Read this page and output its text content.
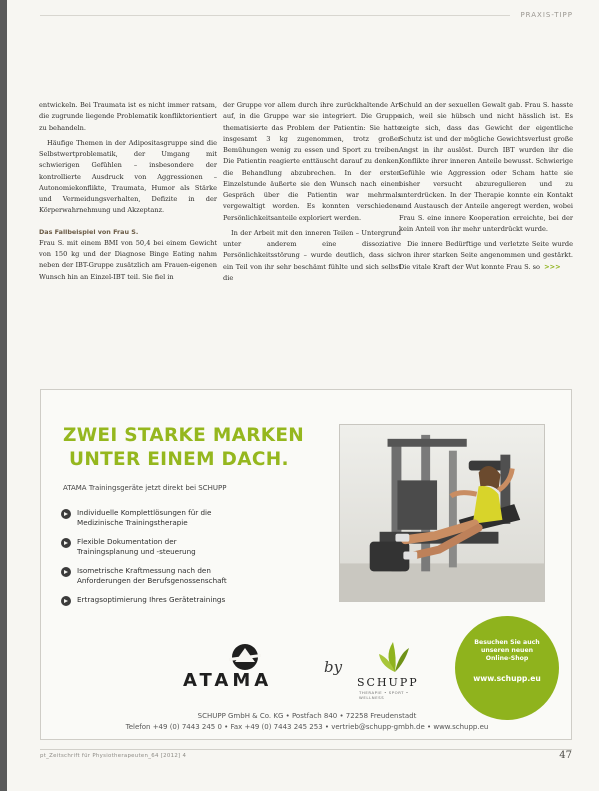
PRAXIS-TIPP

entwickeln. Bei Traumata ist es nicht immer ratsam, die zugrunde liegende Problematik konfliktorientiert zu behandeln.

Häufige Themen in der Adipositasgruppe sind die Selbstwertproblematik, der Umgang mit schwierigen Gefühlen – insbesondere der kontrollierte Ausdruck von Aggressionen – Autonomiekonflikte, Traumata, Humor als Stärke und Vermeidungsverhalten, Defizite in der Körperwahrnehmung und Akzeptanz.

Das Fallbeispiel von Frau S.

Frau S. mit einem BMI von 50,4 bei einem Gewicht von 150 kg und der Diagnose Binge Eating nahm neben der IBT-Gruppe zusätzlich am Frauen-eigenen Wunsch hin an Einzel-IBT teil. Sie fiel in

der Gruppe vor allem durch ihre zurückhaltende Art auf, in die Gruppe war sie integriert. Die Gruppe thematisierte das Problem der Patientin: Sie hatte insgesamt 3 kg zugenommen, trotz großer Bemühungen wenig zu essen und Sport zu treiben. Die Patientin reagierte enttäuscht darauf zu denken, die Behandlung abzubrechen. In der ersten Einzelstunde äußerte sie den Wunsch nach einem Gespräch über die Patientin war mehrmals vergewaltigt worden. Es konnten verschiedene Persönlichkeitsanteile exploriert werden.

In der Arbeit mit den inneren Teilen – Untergrund unter anderem eine dissoziative Persönlichkeitsstörung – wurde deutlich, dass sich ein Teil von ihr sehr beschämt fühlte und sich selbst die

Schuld an der sexuellen Gewalt gab. Frau S. hasste sich, weil sie hübsch und nicht hässlich ist. Es zeigte sich, dass das Gewicht der eigentliche Schutz ist und der mögliche Gewichtsverlust große Angst in ihr auslöst. Durch IBT wurden ihr die Konflikte ihrer inneren Anteile bewusst. Schwierige Gefühle wie Aggression oder Scham hatte sie bisher versucht abzuregulieren und zu unterdrücken. In der Therapie konnte ein Kontakt und Austausch der Anteile angeregt werden, wobei Frau S. eine innere Kooperation erreichte, bei der kein Anteil von ihr mehr unterdrückt wurde.

Die innere Bedürftige und verletzte Seite wurde von ihrer starken Seite angenommen und gestärkt. Die vitale Kraft der Wut konnte Frau S. so >>>

ZWEI STARKE MARKEN
UNTER EINEM DACH.
ATAMA Trainingsgeräte jetzt direkt bei SCHUPP
Individuelle Komplettlösungen für die
Medizinische Trainingstherapie
Flexible Dokumentation der
Trainingsplanung und -steuerung
Isometrische Kraftmessung nach den
Anforderungen der Berufsgenossenschaft
Ertragsoptimierung Ihres Gerätetrainings
Besuchen Sie auch
unseren neuen
Online-Shop
www.schupp.eu
ATAMA
by
SCHUPP
THERAPIE • SPORT • WELLNESS
SCHUPP GmbH & Co. KG • Postfach 840 • 72258 Freudenstadt
Telefon +49 (0) 7443 245 0 • Fax +49 (0) 7443 245 253 • vertrieb@schupp-gmbh.de • www.schupp.eu
pt_Zeitschrift für Physiotherapeuten_64 [2012] 4	47
